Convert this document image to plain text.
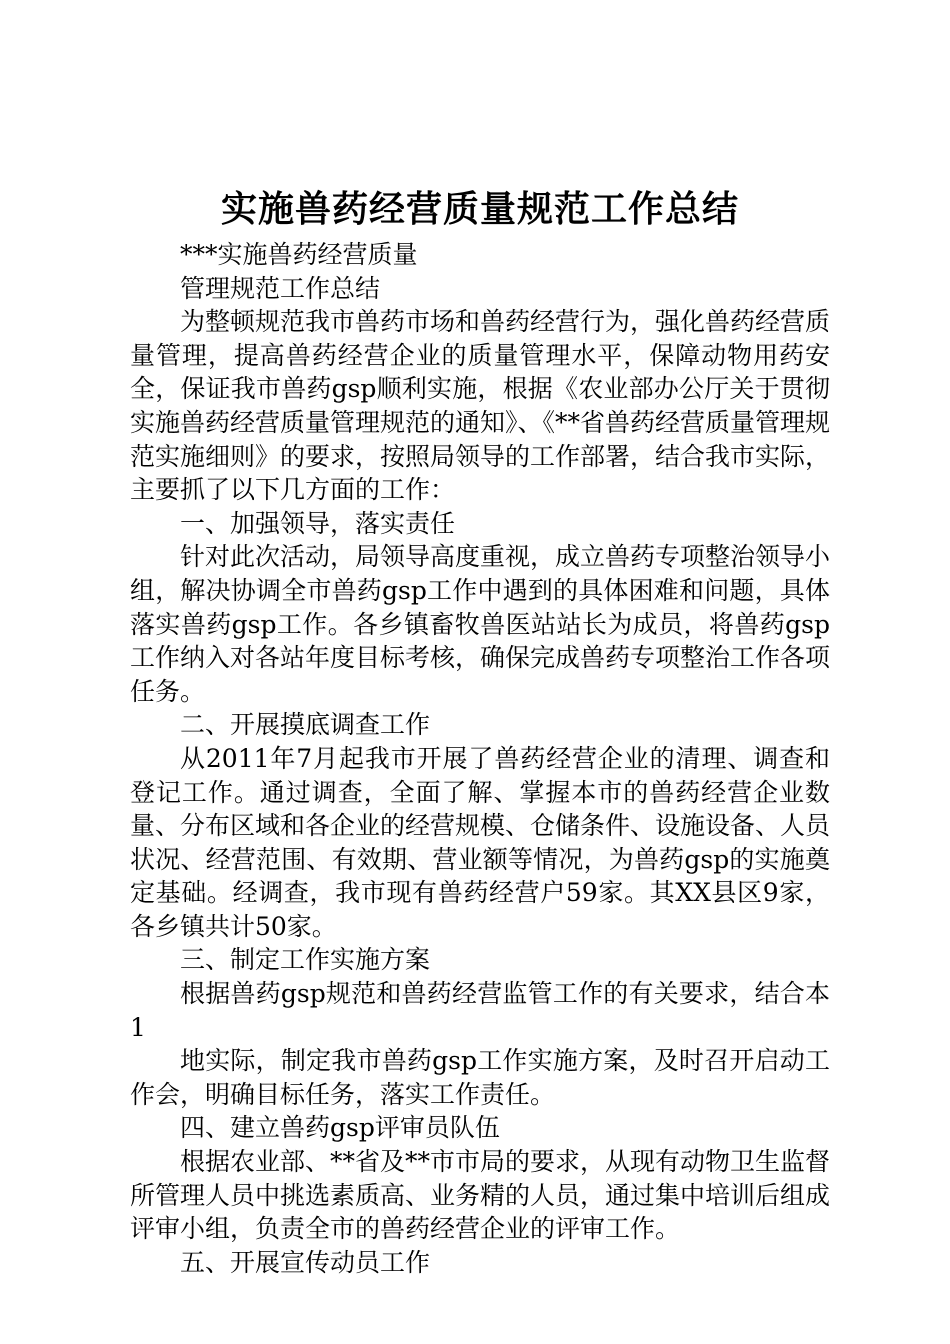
实施兽药经营质量规范工作总结

***实施兽药经营质量

管理规范工作总结

为整顿规范我市兽药市场和兽药经营行为，强化兽药经营质量管理，提高兽药经营企业的质量管理水平，保障动物用药安全，保证我市兽药gsp顺利实施，根据《农业部办公厅关于贯彻实施兽药经营质量管理规范的通知》、《**省兽药经营质量管理规范实施细则》的要求，按照局领导的工作部署，结合我市实际，主要抓了以下几方面的工作：

一、加强领导，落实责任

针对此次活动，局领导高度重视，成立兽药专项整治领导小组，解决协调全市兽药gsp工作中遇到的具体困难和问题，具体落实兽药gsp工作。各乡镇畜牧兽医站站长为成员，将兽药gsp工作纳入对各站年度目标考核，确保完成兽药专项整治工作各项任务。

二、开展摸底调查工作

从2011年7月起我市开展了兽药经营企业的清理、调查和登记工作。通过调查，全面了解、掌握本市的兽药经营企业数量、分布区域和各企业的经营规模、仓储条件、设施设备、人员状况、经营范围、有效期、营业额等情况，为兽药gsp的实施奠定基础。经调查，我市现有兽药经营户59家。其XX县区9家，各乡镇共计50家。

三、制定工作实施方案

根据兽药gsp规范和兽药经营监管工作的有关要求，结合本1

地实际，制定我市兽药gsp工作实施方案，及时召开启动工作会，明确目标任务，落实工作责任。

四、建立兽药gsp评审员队伍

根据农业部、**省及**市市局的要求，从现有动物卫生监督所管理人员中挑选素质高、业务精的人员，通过集中培训后组成评审小组，负责全市的兽药经营企业的评审工作。

五、开展宣传动员工作
